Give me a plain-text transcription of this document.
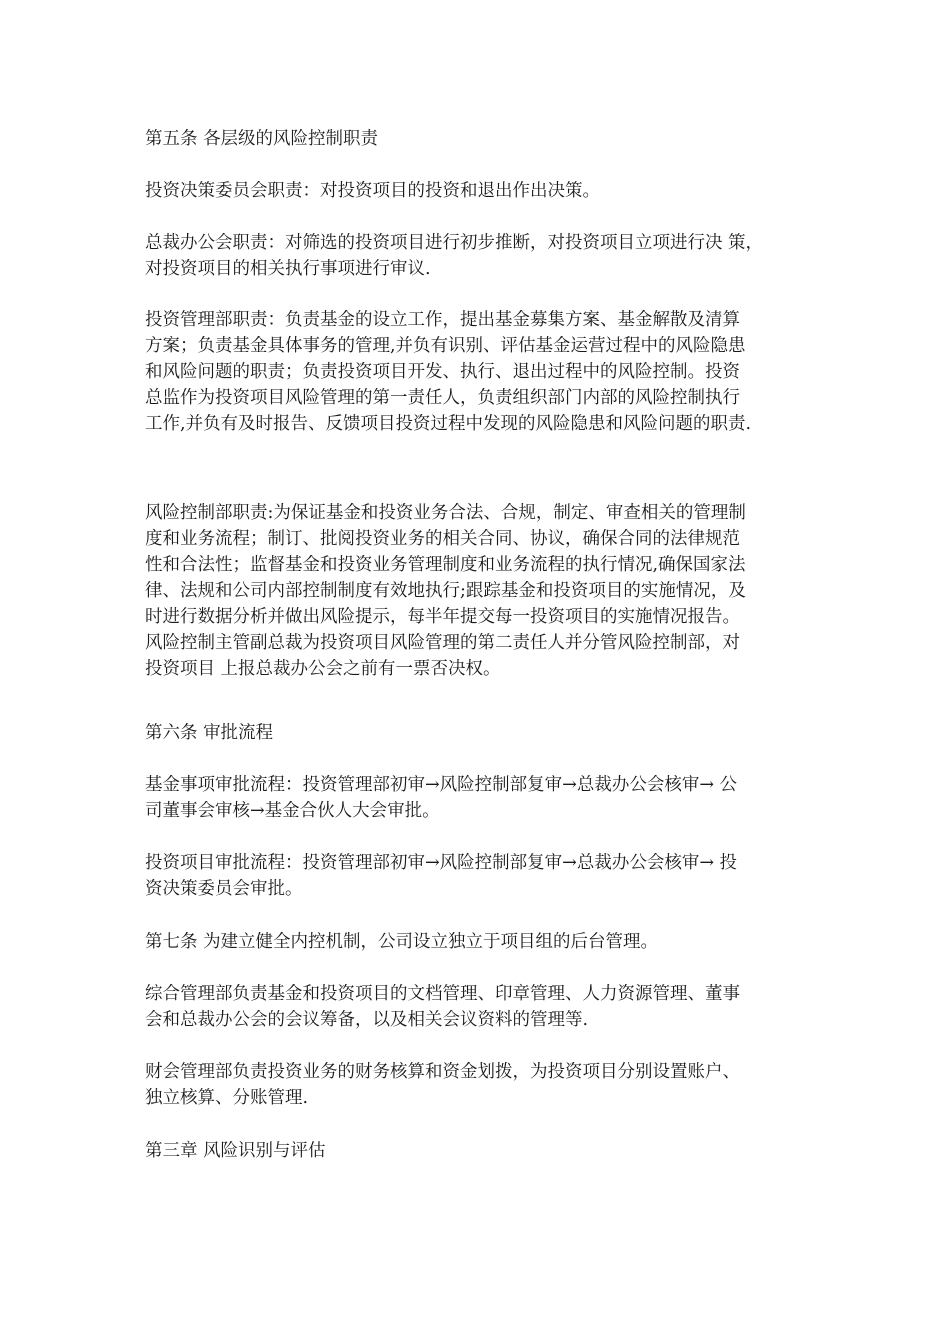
第五条 各层级的风险控制职责
投资决策委员会职责：对投资项目的投资和退出作出决策。
总裁办公会职责：对筛选的投资项目进行初步推断，对投资项目立项进行决 策，
对投资项目的相关执行事项进行审议.
投资管理部职责：负责基金的设立工作，提出基金募集方案、基金解散及清算
方案；负责基金具体事务的管理,并负有识别、评估基金运营过程中的风险隐患
和风险问题的职责；负责投资项目开发、执行、退出过程中的风险控制。投资
总监作为投资项目风险管理的第一责任人，负责组织部门内部的风险控制执行
工作,并负有及时报告、反馈项目投资过程中发现的风险隐患和风险问题的职责.
风险控制部职责:为保证基金和投资业务合法、合规，制定、审查相关的管理制
度和业务流程；制订、批阅投资业务的相关合同、协议，确保合同的法律规范
性和合法性；监督基金和投资业务管理制度和业务流程的执行情况,确保国家法
律、法规和公司内部控制制度有效地执行;跟踪基金和投资项目的实施情况，及
时进行数据分析并做出风险提示，每半年提交每一投资项目的实施情况报告。
风险控制主管副总裁为投资项目风险管理的第二责任人并分管风险控制部，对
投资项目 上报总裁办公会之前有一票否决权。
第六条 审批流程
基金事项审批流程：投资管理部初审→风险控制部复审→总裁办公会核审→ 公
司董事会审核→基金合伙人大会审批。
投资项目审批流程：投资管理部初审→风险控制部复审→总裁办公会核审→ 投
资决策委员会审批。
第七条 为建立健全内控机制，公司设立独立于项目组的后台管理。
综合管理部负责基金和投资项目的文档管理、印章管理、人力资源管理、董事
会和总裁办公会的会议筹备，以及相关会议资料的管理等.
财会管理部负责投资业务的财务核算和资金划拨，为投资项目分别设置账户、
独立核算、分账管理.
第三章 风险识别与评估
